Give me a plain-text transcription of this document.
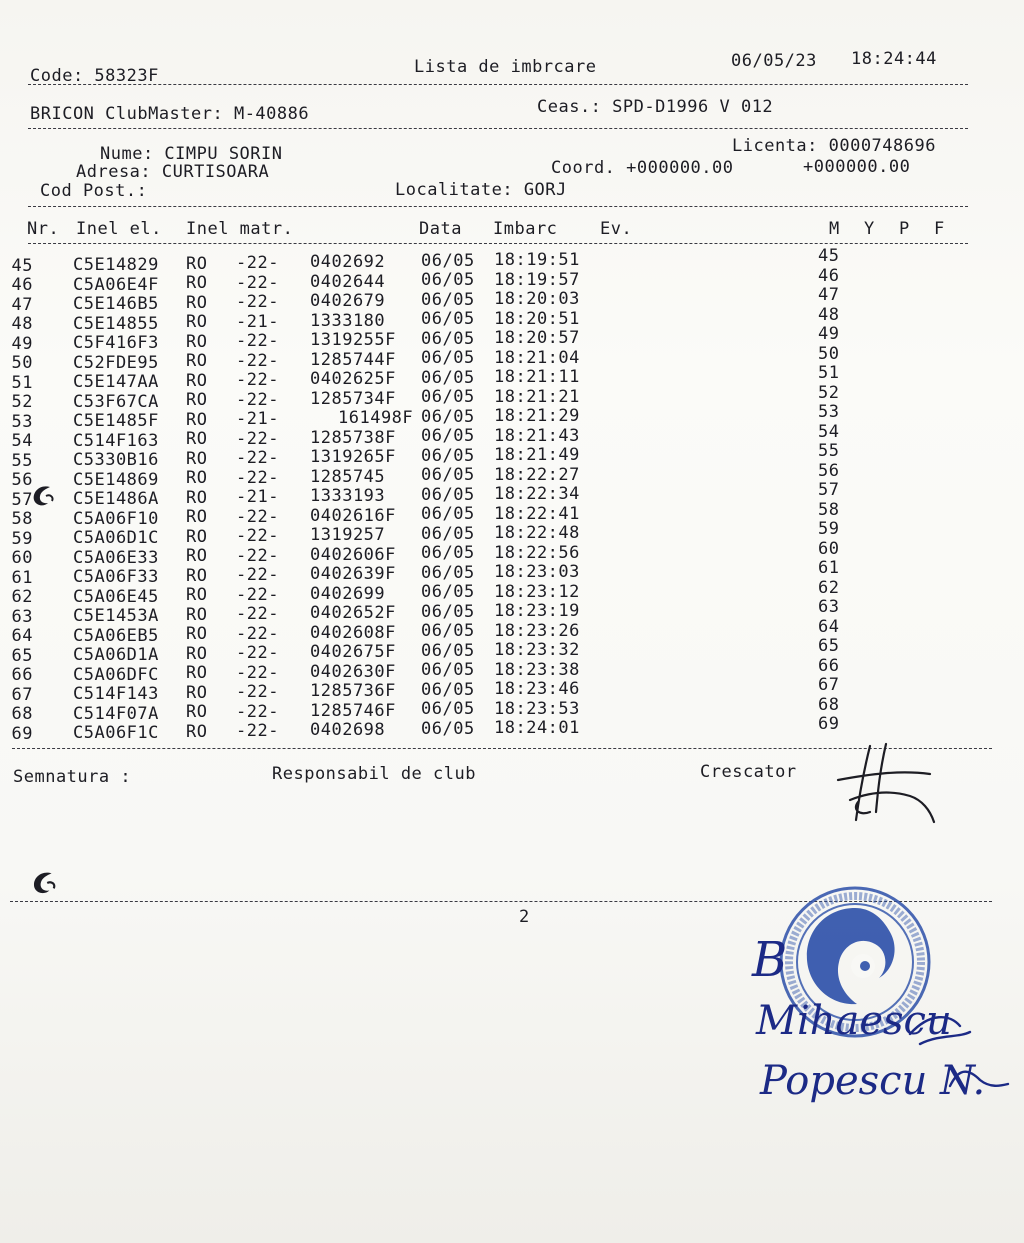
Code: 58323F	Lista de imbrcare	06/05/23 18:24:44
BRICON ClubMaster: M-40886	Ceas.: SPD-D1996 V 012
Nume: CIMPU SORIN	Licenta: 0000748696
Adresa: CURTISOARA	Coord. +000000.00	+000000.00
Cod Post.:	Localitate: GORJ
Nr. Inel el. Inel matr.	Data Imbarc	Ev.	M Y P F
45 C5E14829 RO -22- 0402692 06/05 18:19:51	45
46 C5A06E4F RO -22- 0402644 06/05 18:19:57	46
47 C5E146B5 RO -22- 0402679 06/05 18:20:03	47
48 C5E14855 RO -21- 1333180 06/05 18:20:51	48
49 C5F416F3 RO -22- 1319255F 06/05 18:20:57	49
50 C52FDE95 RO -22- 1285744F 06/05 18:21:04	50
51 C5E147AA RO -22- 0402625F 06/05 18:21:11	51
52 C53F67CA RO -22- 1285734F 06/05 18:21:21	52
53 C5E1485F RO -21-	161498F 06/05 18:21:29	53
54 C514F163 RO -22- 1285738F 06/05 18:21:43	54
55 C5330B16 RO -22- 1319265F 06/05 18:21:49	55
56 C5E14869 RO -22- 1285745 06/05 18:22:27	56
57 C5E1486A RO -21- 1333193 06/05 18:22:34	57
58 C5A06F10 RO -22- 0402616F 06/05 18:22:41	58
59 C5A06D1C RO -22- 1319257 06/05 18:22:48	59
60 C5A06E33 RO -22- 0402606F 06/05 18:22:56	60
61 C5A06F33 RO -22- 0402639F 06/05 18:23:03	61
62 C5A06E45 RO -22- 0402699 06/05 18:23:12	62
63 C5E1453A RO -22- 0402652F 06/05 18:23:19	63
64 C5A06EB5 RO -22- 0402608F 06/05 18:23:26	64
65 C5A06D1A RO -22- 0402675F 06/05 18:23:32	65
66 C5A06DFC RO -22- 0402630F 06/05 18:23:38	66
67 C514F143 RO -22- 1285736F 06/05 18:23:46	67
68 C514F07A RO -22- 1285746F 06/05 18:23:53	68
69 C5A06F1C RO -22- 0402698 06/05 18:24:01	69
Semnatura :	Responsabil de club	Crescator
2
B
Mihaescu
Popescu N.
